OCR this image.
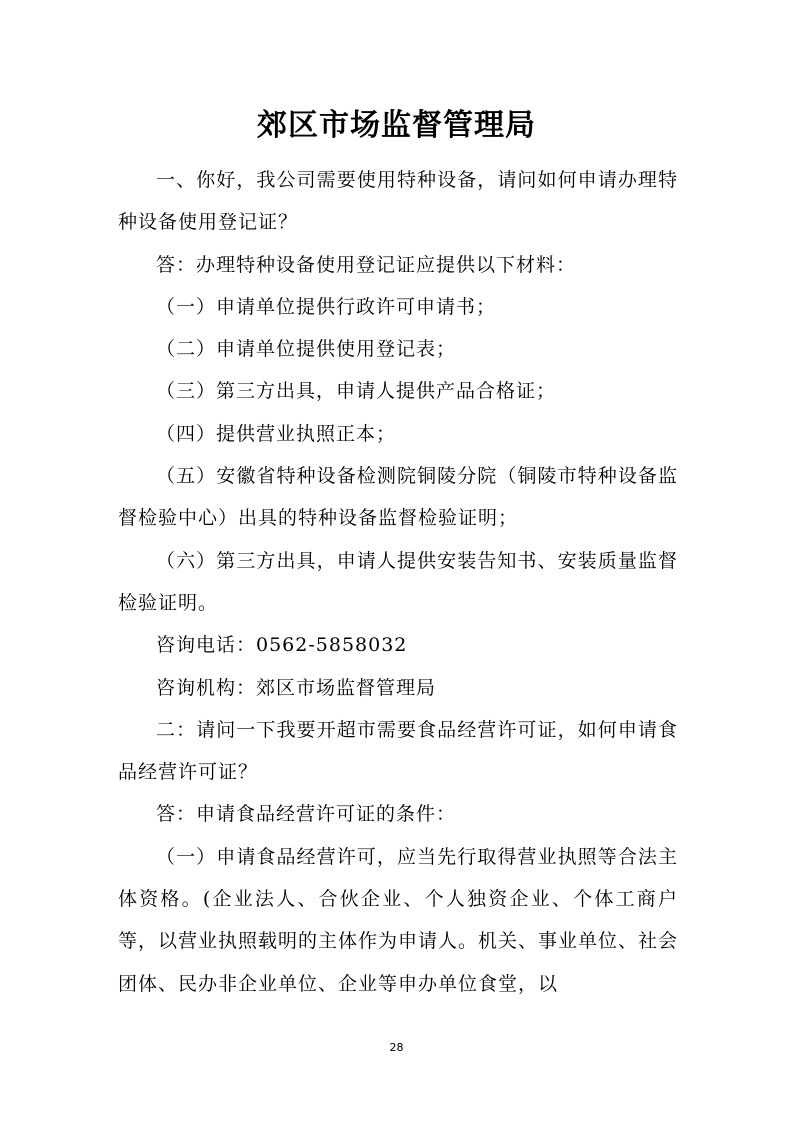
郊区市场监督管理局

一、你好，我公司需要使用特种设备，请问如何申请办理特种设备使用登记证？

答：办理特种设备使用登记证应提供以下材料：

（一）申请单位提供行政许可申请书；

（二）申请单位提供使用登记表；

（三）第三方出具，申请人提供产品合格证；

（四）提供营业执照正本；

（五）安徽省特种设备检测院铜陵分院（铜陵市特种设备监督检验中心）出具的特种设备监督检验证明；

（六）第三方出具，申请人提供安装告知书、安装质量监督检验证明。

咨询电话：0562-5858032

咨询机构：郊区市场监督管理局

二：请问一下我要开超市需要食品经营许可证，如何申请食品经营许可证？

答：申请食品经营许可证的条件：

（一）申请食品经营许可，应当先行取得营业执照等合法主体资格。(企业法人、合伙企业、个人独资企业、个体工商户等，以营业执照载明的主体作为申请人。机关、事业单位、社会团体、民办非企业单位、企业等申办单位食堂，以

28
